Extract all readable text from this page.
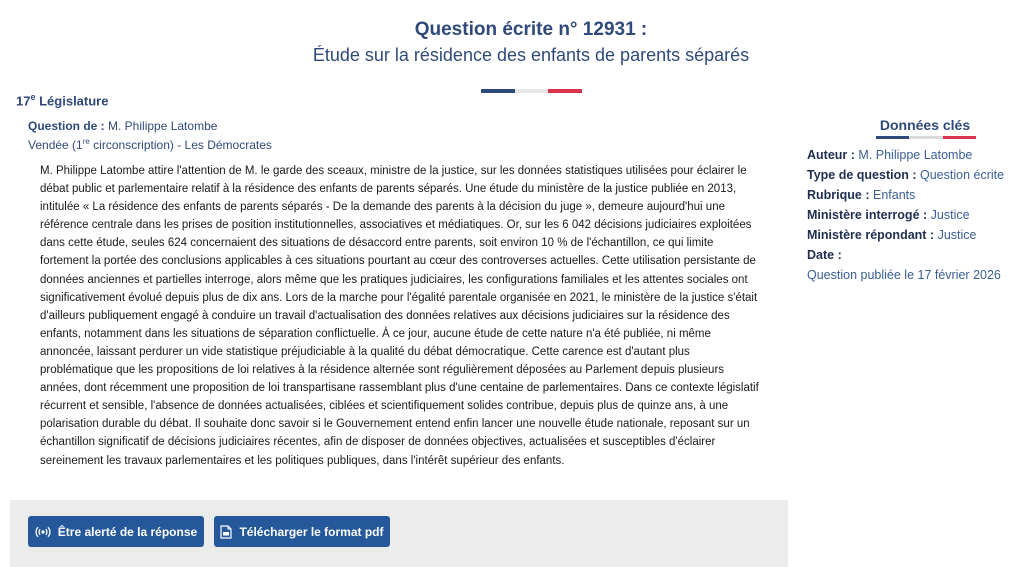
Question écrite n° 12931 :
Étude sur la résidence des enfants de parents séparés
17e Législature
Question de : M. Philippe Latombe
Vendée (1re circonscription) - Les Démocrates
M. Philippe Latombe attire l'attention de M. le garde des sceaux, ministre de la justice, sur les données statistiques utilisées pour éclairer le débat public et parlementaire relatif à la résidence des enfants de parents séparés. Une étude du ministère de la justice publiée en 2013, intitulée « La résidence des enfants de parents séparés - De la demande des parents à la décision du juge », demeure aujourd'hui une référence centrale dans les prises de position institutionnelles, associatives et médiatiques. Or, sur les 6 042 décisions judiciaires exploitées dans cette étude, seules 624 concernaient des situations de désaccord entre parents, soit environ 10 % de l'échantillon, ce qui limite fortement la portée des conclusions applicables à ces situations pourtant au cœur des controverses actuelles. Cette utilisation persistante de données anciennes et partielles interroge, alors même que les pratiques judiciaires, les configurations familiales et les attentes sociales ont significativement évolué depuis plus de dix ans. Lors de la marche pour l'égalité parentale organisée en 2021, le ministère de la justice s'était d'ailleurs publiquement engagé à conduire un travail d'actualisation des données relatives aux décisions judiciaires sur la résidence des enfants, notamment dans les situations de séparation conflictuelle. À ce jour, aucune étude de cette nature n'a été publiée, ni même annoncée, laissant perdurer un vide statistique préjudiciable à la qualité du débat démocratique. Cette carence est d'autant plus problématique que les propositions de loi relatives à la résidence alternée sont régulièrement déposées au Parlement depuis plusieurs années, dont récemment une proposition de loi transpartisane rassemblant plus d'une centaine de parlementaires. Dans ce contexte législatif récurrent et sensible, l'absence de données actualisées, ciblées et scientifiquement solides contribue, depuis plus de quinze ans, à une polarisation durable du débat. Il souhaite donc savoir si le Gouvernement entend enfin lancer une nouvelle étude nationale, reposant sur un échantillon significatif de décisions judiciaires récentes, afin de disposer de données objectives, actualisées et susceptibles d'éclairer sereinement les travaux parlementaires et les politiques publiques, dans l'intérêt supérieur des enfants.
Être alerté de la réponse	Télécharger le format pdf
Données clés
Auteur : M. Philippe Latombe
Type de question : Question écrite
Rubrique : Enfants
Ministère interrogé : Justice
Ministère répondant : Justice
Date :
Question publiée le 17 février 2026
